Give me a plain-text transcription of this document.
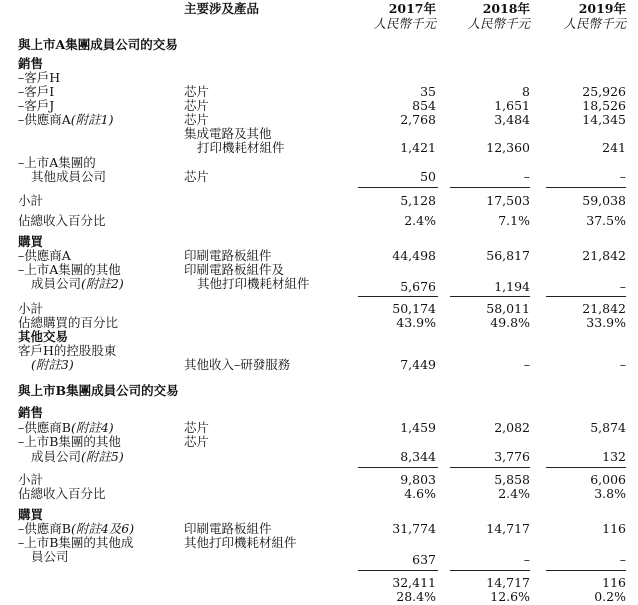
主要涉及產品	2017年	2018年	2019年
人民幣千元	人民幣千元	人民幣千元
與上市A集團成員公司的交易
銷售
–客戶H
–客戶I	芯片	35	8	25,926
–客戶J	芯片	854	1,651	18,526
–供應商A(附註1)	芯片	2,768	3,484	14,345
集成電路及其他
打印機耗材組件	1,421	12,360	241
–上市A集團的
其他成員公司	芯片	50	–	–
小計	5,128	17,503	59,038
佔總收入百分比	2.4%	7.1%	37.5%
購買
–供應商A	印刷電路板組件	44,498	56,817	21,842
–上市A集團的其他	印刷電路板組件及
成員公司(附註2)	其他打印機耗材組件	5,676	1,194	–
小計	50,174	58,011	21,842
佔總購買的百分比	43.9%	49.8%	33.9%
其他交易
客戶H的控股股東
(附註3)	其他收入–研發服務	7,449	–	–
與上市B集團成員公司的交易
銷售
–供應商B(附註4)	芯片	1,459	2,082	5,874
–上市B集團的其他	芯片
成員公司(附註5)	8,344	3,776	132
小計	9,803	5,858	6,006
佔總收入百分比	4.6%	2.4%	3.8%
購買
–供應商B(附註4及6)	印刷電路板組件	31,774	14,717	116
–上市B集團的其他成	其他打印機耗材組件
員公司	637	–	–
32,411	14,717	116
28.4%	12.6%	0.2%
